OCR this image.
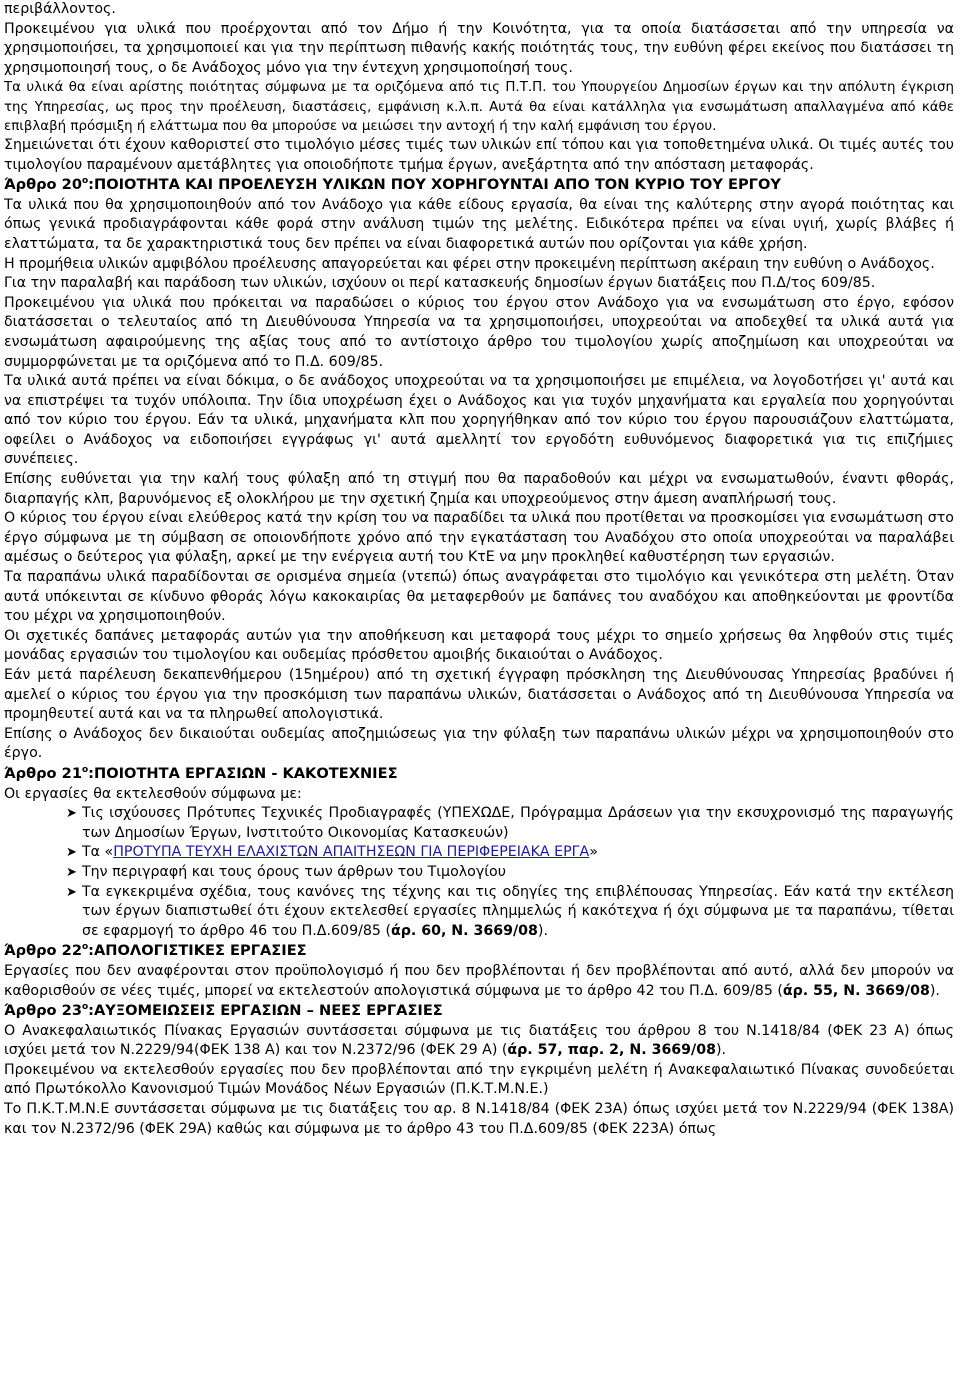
περιβάλλοντος.

Προκειμένου για υλικά που προέρχονται από τον Δήμο ή την Κοινότητα, για τα οποία διατάσσεται από την υπηρεσία να χρησιμοποιήσει, τα χρησιμοποιεί και για την περίπτωση πιθανής κακής ποιότητάς τους, την ευθύνη φέρει εκείνος που διατάσσει τη χρησιμοποιησή τους, ο δε Ανάδοχος μόνο για την έντεχνη χρησιμοποίησή τους.

Τα υλικά θα είναι αρίστης ποιότητας σύμφωνα με τα οριζόμενα από τις Π.Τ.Π. του Υπουργείου Δημοσίων έργων και την απόλυτη έγκριση της Υπηρεσίας, ως προς την προέλευση, διαστάσεις, εμφάνιση κ.λ.π. Αυτά θα είναι κατάλληλα για ενσωμάτωση απαλλαγμένα από κάθε επιβλαβή πρόσμιξη ή ελάττωμα που θα μπορούσε να μειώσει την αντοχή ή την καλή εμφάνιση του έργου.

Σημειώνεται ότι έχουν καθοριστεί στο τιμολόγιο μέσες τιμές των υλικών επί τόπου και για τοποθετημένα υλικά. Οι τιμές αυτές του τιμολογίου παραμένουν αμετάβλητες για οποιοδήποτε τμήμα έργων, ανεξάρτητα από την απόσταση μεταφοράς.

Άρθρο $20^o:\Pi OIOTHTA$ ΚΑΙ ΠΡΟΕΛΕΥΣΗ ΥΛΙΚΩΝ ΠΟΥ ΧΟΡΗΓΟΥΝΤΑΙ ΑΠΟ ΤΟΝ ΚΥΡΙΟ ΤΟΥ ΕΡΓΟΥ

Τα υλικά που θα χρησιμοποιηθούν από τον Ανάδοχο για κάθε είδους εργασία, θα είναι της καλύτερης στην αγορά ποιότητας και όπως γενικά προδιαγράφονται κάθε φορά στην ανάλυση τιμών της μελέτης. Ειδικότερα πρέπει να είναι υγιή, χωρίς βλάβες ή ελαττώματα, τα δε χαρακτηριστικά τους δεν πρέπει να είναι διαφορετικά αυτών που ορίζονται για κάθε χρήση.

Η προμήθεια υλικών αμφιβόλου προέλευσης απαγορεύεται και φέρει στην προκειμένη περίπτωση ακέραιη την ευθύνη ο Ανάδοχος.

Για την παραλαβή και παράδοση των υλικών, ισχύουν οι περί κατασκευής δημοσίων έργων διατάξεις που Π.Δ/τος 609/85.

Προκειμένου για υλικά που πρόκειται να παραδώσει ο κύριος του έργου στον Ανάδοχο για να ενσωμάτωση στο έργο, εφόσον διατάσσεται ο τελευταίος από τη Διευθύνουσα Υπηρεσία να τα χρησιμοποιήσει, υποχρεούται να αποδεχθεί τα υλικά αυτά για ενσωμάτωση αφαιρούμενης της αξίας τους από το αντίστοιχο άρθρο του τιμολογίου χωρίς αποζημίωση και υποχρεούται να συμμορφώνεται με τα οριζόμενα από το Π.Δ. 609/85.

Τα υλικά αυτά πρέπει να είναι δόκιμα, ο δε ανάδοχος υποχρεούται να τα χρησιμοποιήσει με επιμέλεια, να λογοδοτήσει γι' αυτά και να επιστρέψει τα τυχόν υπόλοιπα. Την ίδια υποχρέωση έχει ο Ανάδοχος και για τυχόν μηχανήματα και εργαλεία που χορηγούνται από τον κύριο του έργου. Εάν τα υλικά, μηχανήματα κλπ που χορηγήθηκαν από τον κύριο του έργου παρουσιάζουν ελαττώματα, οφείλει ο Ανάδοχος να ειδοποιήσει εγγράφως γι' αυτά αμελλητί τον εργοδότη ευθυνόμενος διαφορετικά για τις επιζήμιες συνέπειες.

Επίσης ευθύνεται για την καλή τους φύλαξη από τη στιγμή που θα παραδοθούν και μέχρι να ενσωματωθούν, έναντι φθοράς, διαρπαγής κλπ, βαρυνόμενος εξ ολοκλήρου με την σχετική ζημία και υποχρεούμενος στην άμεση αναπλήρωσή τους.

Ο κύριος του έργου είναι ελεύθερος κατά την κρίση του να παραδίδει τα υλικά που προτίθεται να προσκομίσει για ενσωμάτωση στο έργο σύμφωνα με τη σύμβαση σε οποιονδήποτε χρόνο από την εγκατάσταση του Αναδόχου στο οποία υποχρεούται να παραλάβει αμέσως ο δεύτερος για φύλαξη, αρκεί με την ενέργεια αυτή του ΚτΕ να μην προκληθεί καθυστέρηση των εργασιών.

Τα παραπάνω υλικά παραδίδονται σε ορισμένα σημεία (ντεπώ) όπως αναγράφεται στο τιμολόγιο και γενικότερα στη μελέτη. Όταν αυτά υπόκεινται σε κίνδυνο φθοράς λόγω κακοκαιρίας θα μεταφερθούν με δαπάνες του αναδόχου και αποθηκεύονται με φροντίδα του μέχρι να χρησιμοποιηθούν.

Οι σχετικές δαπάνες μεταφοράς αυτών για την αποθήκευση και μεταφορά τους μέχρι το σημείο χρήσεως θα ληφθούν στις τιμές μονάδας εργασιών του τιμολογίου και ουδεμίας πρόσθετου αμοιβής δικαιούται ο Ανάδοχος.

Εάν μετά παρέλευση δεκαπενθήμερου (15ημέρου) από τη σχετική έγγραφη πρόσκληση της Διευθύνουσας Υπηρεσίας βραδύνει ή αμελεί ο κύριος του έργου για την προσκόμιση των παραπάνω υλικών, διατάσσεται ο Ανάδοχος από τη Διευθύνουσα Υπηρεσία να προμηθευτεί αυτά και να τα πληρωθεί απολογιστικά.

Επίσης ο Ανάδοχος δεν δικαιούται ουδεμίας αποζημιώσεως για την φύλαξη των παραπάνω υλικών μέχρι να χρησιμοποιηθούν στο έργο.

Άρθρο $21^o:\Pi OIOTHTA$ ΕΡΓΑΣΙΩΝ - ΚΑΚΟΤΕΧΝΙΕΣ

Οι εργασίες θα εκτελεσθούν σύμφωνα με:

➤ Τις ισχύουσες Πρότυπες Τεχνικές Προδιαγραφές (ΥΠΕΧΩΔΕ, Πρόγραμμα Δράσεων για την εκσυχρονισμό της παραγωγής των Δημοσίων Έργων, Ινστιτούτο Οικονομίας Κατασκευών)

➤ Τα «ΠΡΟΤΥΠΑ ΤΕΥΧΗ ΕΛΑΧΙΣΤΩΝ ΑΠΑΙΤΗΣΕΩΝ ΓΙΑ ΠΕΡΙΦΕΡΕΙΑΚΑ ΕΡΓΑ»

➤ Την περιγραφή και τους όρους των άρθρων του Τιμολογίου

➤ Τα εγκεκριμένα σχέδια, τους κανόνες της τέχνης και τις οδηγίες της επιβλέπουσας Υπηρεσίας. Εάν κατά την εκτέλεση των έργων διαπιστωθεί ότι έχουν εκτελεσθεί εργασίες πλημμελώς ή κακότεχνα ή όχι σύμφωνα με τα παραπάνω, τίθεται σε εφαρμογή το άρθρο 46 του Π.Δ.609/85 (άρ. 60, Ν. 3669/08).

Άρθρο $22^o:A\Pi O\Lambda O\Gamma I\Sigma TIKE\Sigma$ ΕΡΓΑΣΙΕΣ

Εργασίες που δεν αναφέρονται στον προϋπολογισμό ή που δεν προβλέπονται ή δεν προβλέπονται από αυτό, αλλά δεν μπορούν να καθορισθούν σε νέες τιμές, μπορεί να εκτελεστούν απολογιστικά σύμφωνα με το άρθρο 42 του Π.Δ. 609/85 (άρ. 55, Ν. 3669/08).

Άρθρο $23^o:A\Upsilon\Xi OMEI\Omega\Sigma EI\Sigma$ ΕΡΓΑΣΙΩΝ – ΝΕΕΣ ΕΡΓΑΣΙΕΣ

Ο Ανακεφαλαιωτικός Πίνακας Εργασιών συντάσσεται σύμφωνα με τις διατάξεις του άρθρου 8 του Ν.1418/84 (ΦΕΚ 23 Α) όπως ισχύει μετά τον Ν.2229/94(ΦΕΚ 138 Α) και τον Ν.2372/96 (ΦΕΚ 29 Α) (άρ. 57, παρ. 2, Ν. 3669/08).

Προκειμένου να εκτελεσθούν εργασίες που δεν προβλέπονται από την εγκριμένη μελέτη ή Ανακεφαλαιωτικό Πίνακας συνοδεύεται από Πρωτόκολλο Κανονισμού Τιμών Μονάδος Νέων Εργασιών (Π.Κ.Τ.Μ.Ν.Ε.)

Το Π.Κ.Τ.Μ.Ν.Ε συντάσσεται σύμφωνα με τις διατάξεις του αρ. 8 Ν.1418/84 (ΦΕΚ 23Α) όπως ισχύει μετά τον Ν.2229/94 (ΦΕΚ 138Α) και τον Ν.2372/96 (ΦΕΚ 29Α) καθώς και σύμφωνα με το άρθρο 43 του Π.Δ.609/85 (ΦΕΚ 223Α) όπως
